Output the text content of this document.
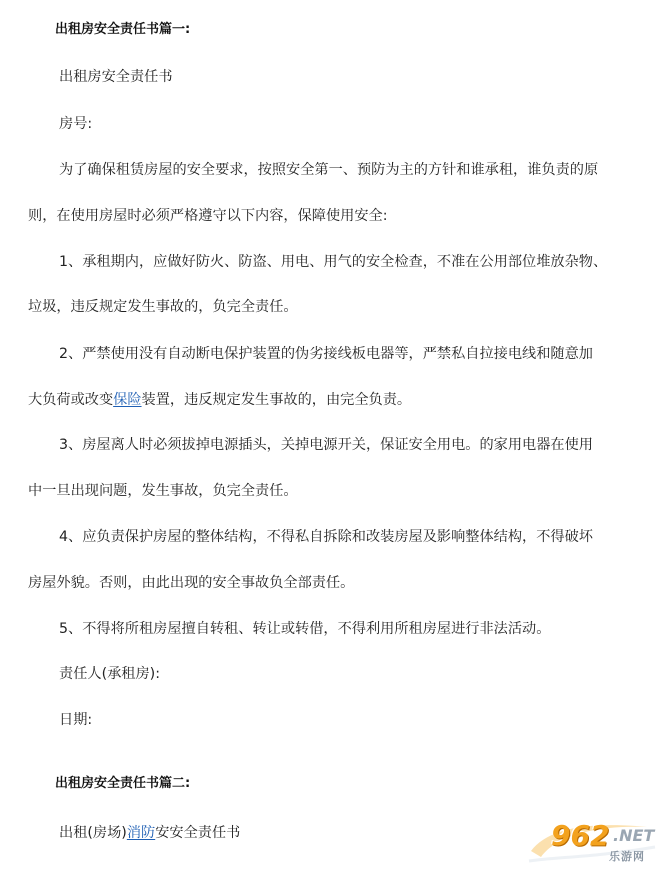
出租房安全责任书篇一:
出租房安全责任书
房号:
为了确保租赁房屋的安全要求，按照安全第一、预防为主的方针和谁承租，谁负责的原
则，在使用房屋时必须严格遵守以下内容，保障使用安全:
1、承租期内，应做好防火、防盗、用电、用气的安全检查，不准在公用部位堆放杂物、
垃圾，违反规定发生事故的，负完全责任。
2、严禁使用没有自动断电保护装置的伪劣接线板电器等，严禁私自拉接电线和随意加
大负荷或改变保险装置，违反规定发生事故的，由完全负责。
3、房屋离人时必须拔掉电源插头，关掉电源开关，保证安全用电。的家用电器在使用
中一旦出现问题，发生事故，负完全责任。
4、应负责保护房屋的整体结构，不得私自拆除和改装房屋及影响整体结构，不得破坏
房屋外貌。否则，由此出现的安全事故负全部责任。
5、不得将所租房屋擅自转租、转让或转借，不得利用所租房屋进行非法活动。
责任人(承租房):
日期:
出租房安全责任书篇二:
出租(房场)消防安安全责任书	962 .NET
乐游网
